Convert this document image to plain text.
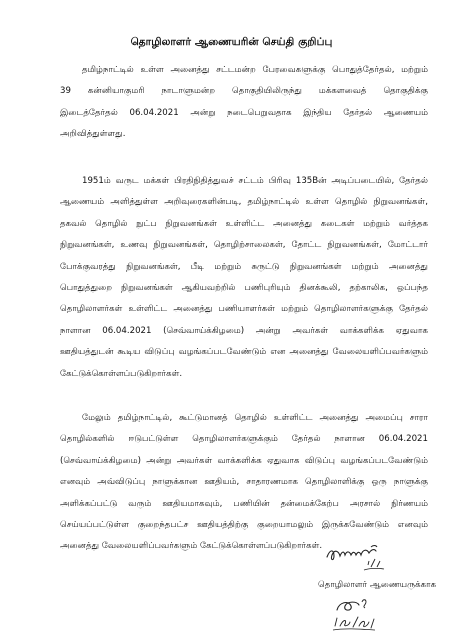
தொழிலாளர் ஆணையரின் செய்தி குறிப்பு
தமிழ்நாட்டில் உள்ள அனைத்து சட்டமன்ற பேரவைகளுக்கு பொதுத்தேர்தல், மற்றும்
39 கன்னியாகுமரி நாடாளுமன்ற தொகுதியிலிருந்து மக்களவைத் தொகுதிக்கு
இடைத்தேர்தல் 06.04.2021 அன்று நடைபெறுவதாக இந்திய தேர்தல் ஆணையம்
அறிவித்துள்ளது.
1951ம் வருட மக்கள் பிரதிநிதித்துவச் சட்டம் பிரிவு 135Bன் அடிப்படையில், தேர்தல்
ஆணையம் அளித்துள்ள அறிவுரைகளின்படி, தமிழ்நாட்டில் உள்ள தொழில் நிறுவனங்கள்,
தகவல் தொழில் நுட்ப நிறுவனங்கள் உள்ளிட்ட அனைத்து கடைகள் மற்றும் வர்த்தக
நிறுவனங்கள், உணவு நிறுவனங்கள், தொழிற்சாலைகள், தோட்ட நிறுவனங்கள், மோட்டார்
போக்குவரத்து நிறுவனங்கள், பீடி மற்றும் சுருட்டு நிறுவனங்கள் மற்றும் அனைத்து
பொதுத்துறை நிறுவனங்கள் ஆகியவற்றில் பணிபுரியும் தினக்கூலி, தற்காலிக, ஒப்பந்த
தொழிலாளர்கள் உள்ளிட்ட அனைத்து பணியாளர்கள் மற்றும் தொழிலாளர்களுக்கு தேர்தல்
நாளான 06.04.2021 (செவ்வாய்க்கிழமை) அன்று அவர்கள் வாக்களிக்க ஏதுவாக
ஊதியத்துடன் கூடிய விடுப்பு வழங்கப்படவேண்டும் என அனைத்து வேலையளிப்பவர்களும்
கேட்டுக்கொள்ளப்படுகிறார்கள்.
மேலும் தமிழ்நாட்டில், கூட்டுமானத் தொழில் உள்ளிட்ட அனைத்து அமைப்பு சாரா
தொழில்களில் ஈடுபட்டுள்ள தொழிலாளர்களுக்கும் தேர்தல் நாளான 06.04.2021
(செவ்வாய்க்கிழமை) அன்று அவர்கள் வாக்களிக்க ஏதுவாக விடுப்பு வழங்கப்படவேண்டும்
எனவும் அவ்விடுப்பு நாளுக்கான ஊதியம், சாதாரணமாக தொழிலாளிக்கு ஒரு நாளுக்கு
அளிக்கப்பட்டு வரும் ஊதியமாகவும், பணியின் தன்மைக்கேற்ப அரசால் நிர்ணயம்
செய்யப்பட்டுள்ள குறைந்தபட்ச ஊதியத்திற்கு குறையாமலும் இருக்கவேண்டும் எனவும்
அனைத்து வேலையளிப்பவர்களும் கேட்டுக்கொள்ளப்படுகிறார்கள்.
தொழிலாளர் ஆணையருக்காக
